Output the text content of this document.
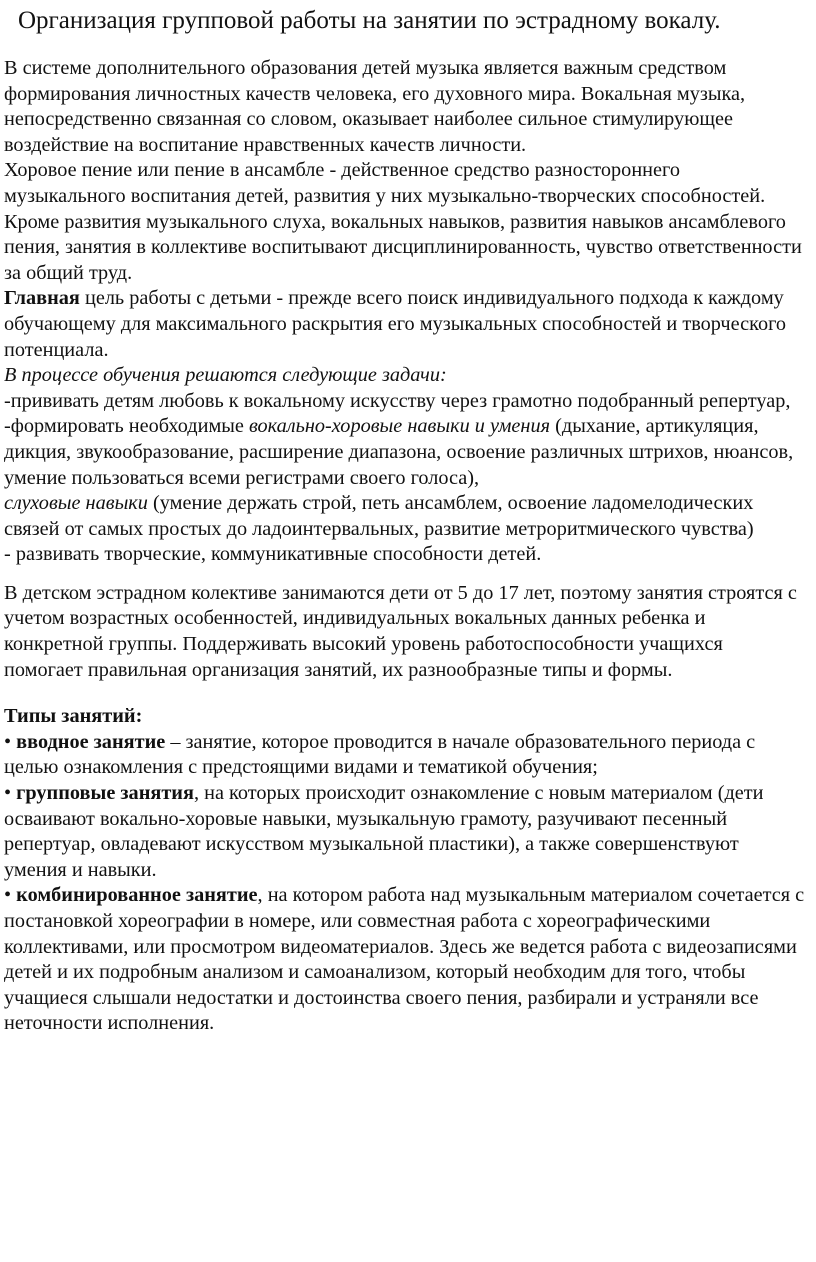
Организация групповой работы на занятии по эстрадному вокалу.

В системе дополнительного образования детей музыка является важным средством формирования личностных качеств человека, его духовного мира. Вокальная музыка, непосредственно связанная со словом, оказывает наиболее сильное стимулирующее воздействие на воспитание нравственных качеств личности.

Хоровое пение или пение в ансамбле - действенное средство разностороннего музыкального воспитания детей, развития у них музыкально-творческих способностей. Кроме развития музыкального слуха, вокальных навыков, развития навыков ансамблевого пения, занятия в коллективе воспитывают дисциплинированность, чувство ответственности за общий труд.

Главная цель работы с детьми - прежде всего поиск индивидуального подхода к каждому обучающему для максимального раскрытия его музыкальных способностей и творческого потенциала.

В процессе обучения решаются следующие задачи:

-прививать детям любовь к вокальному искусству через грамотно подобранный репертуар,

-формировать необходимые вокально-хоровые навыки и умения (дыхание, артикуляция, дикция, звукообразование, расширение диапазона, освоение различных штрихов, нюансов, умение пользоваться всеми регистрами своего голоса),

слуховые навыки (умение держать строй, петь ансамблем, освоение ладомелодических связей от самых простых до ладоинтервальных, развитие метроритмического чувства)

- развивать творческие, коммуникативные способности детей.

В детском эстрадном колективе занимаются дети от 5 до 17 лет, поэтому занятия строятся с учетом возрастных особенностей, индивидуальных вокальных данных ребенка и конкретной группы. Поддерживать высокий уровень работоспособности учащихся помогает правильная организация занятий, их разнообразные типы и формы.

Типы занятий:

• вводное занятие – занятие, которое проводится в начале образовательного периода с целью ознакомления с предстоящими видами и тематикой обучения;

• групповые занятия, на которых происходит ознакомление с новым материалом (дети осваивают вокально-хоровые навыки, музыкальную грамоту, разучивают песенный репертуар, овладевают искусством музыкальной пластики), а также совершенствуют умения и навыки.

• комбинированное занятие, на котором работа над музыкальным материалом сочетается с постановкой хореографии в номере, или совместная работа с хореографическими коллективами, или просмотром видеоматериалов. Здесь же ведется работа с видеозаписями детей и их подробным анализом и самоанализом, который необходим для того, чтобы учащиеся слышали недостатки и достоинства своего пения, разбирали и устраняли все неточности исполнения.
